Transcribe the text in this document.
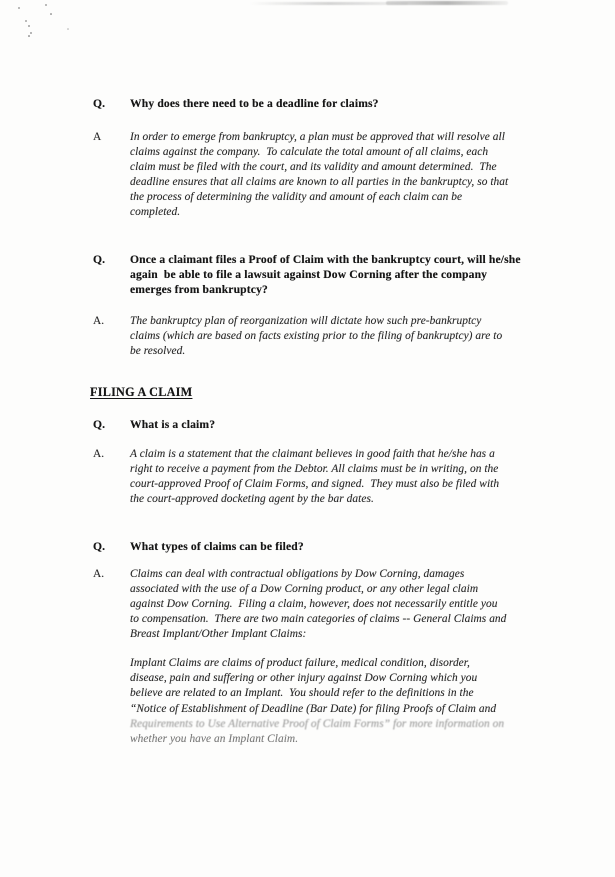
Q.	Why does there need to be a deadline for claims?
A	In order to emerge from bankruptcy, a plan must be approved that will resolve all
claims against the company.  To calculate the total amount of all claims, each
claim must be filed with the court, and its validity and amount determined.  The
deadline ensures that all claims are known to all parties in the bankruptcy, so that
the process of determining the validity and amount of each claim can be
completed.
Q.	Once a claimant files a Proof of Claim with the bankruptcy court, will he/she
again  be able to file a lawsuit against Dow Corning after the company
emerges from bankruptcy?
A.	The bankruptcy plan of reorganization will dictate how such pre-bankruptcy
claims (which are based on facts existing prior to the filing of bankruptcy) are to
be resolved.
FILING A CLAIM
Q.	What is a claim?
A.	A claim is a statement that the claimant believes in good faith that he/she has a
right to receive a payment from the Debtor. All claims must be in writing, on the
court-approved Proof of Claim Forms, and signed.  They must also be filed with
the court-approved docketing agent by the bar dates.
Q.	What types of claims can be filed?
A.	Claims can deal with contractual obligations by Dow Corning, damages
associated with the use of a Dow Corning product, or any other legal claim
against Dow Corning.  Filing a claim, however, does not necessarily entitle you
to compensation.  There are two main categories of claims -- General Claims and
Breast Implant/Other Implant Claims:
Implant Claims are claims of product failure, medical condition, disorder,
disease, pain and suffering or other injury against Dow Corning which you
believe are related to an Implant.  You should refer to the definitions in the
“Notice of Establishment of Deadline (Bar Date) for filing Proofs of Claim and
Requirements to Use Alternative Proof of Claim Forms” for more information on
whether you have an Implant Claim.
